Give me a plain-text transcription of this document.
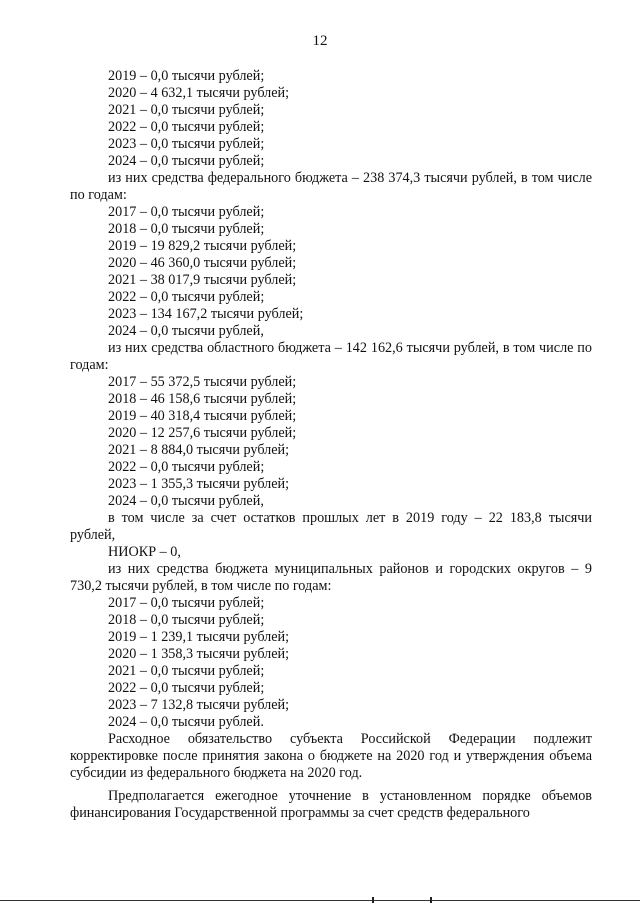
12

2019 – 0,0 тысячи рублей;

2020 – 4 632,1 тысячи рублей;

2021 – 0,0 тысячи рублей;

2022 – 0,0 тысячи рублей;

2023 – 0,0 тысячи рублей;

2024 – 0,0 тысячи рублей;

из них средства федерального бюджета – 238 374,3 тысячи рублей, в том числе по годам:

2017 – 0,0 тысячи рублей;

2018 – 0,0 тысячи рублей;

2019 – 19 829,2 тысячи рублей;

2020 – 46 360,0 тысячи рублей;

2021 – 38 017,9 тысячи рублей;

2022 – 0,0 тысячи рублей;

2023 – 134 167,2 тысячи рублей;

2024 – 0,0 тысячи рублей,

из них средства областного бюджета – 142 162,6 тысячи рублей, в том числе по годам:

2017 – 55 372,5 тысячи рублей;

2018 – 46 158,6 тысячи рублей;

2019 – 40 318,4 тысячи рублей;

2020 – 12 257,6 тысячи рублей;

2021 – 8 884,0 тысячи рублей;

2022 – 0,0 тысячи рублей;

2023 – 1 355,3 тысячи рублей;

2024 – 0,0 тысячи рублей,

в том числе за счет остатков прошлых лет в 2019 году – 22 183,8 тысячи рублей,

НИОКР – 0,

из них средства бюджета муниципальных районов и городских округов – 9 730,2 тысячи рублей, в том числе по годам:

2017 – 0,0 тысячи рублей;

2018 – 0,0 тысячи рублей;

2019 – 1 239,1 тысячи рублей;

2020 – 1 358,3 тысячи рублей;

2021 – 0,0 тысячи рублей;

2022 – 0,0 тысячи рублей;

2023 – 7 132,8 тысячи рублей;

2024 – 0,0 тысячи рублей.

Расходное обязательство субъекта Российской Федерации подлежит корректировке после принятия закона о бюджете на 2020 год и утверждения объема субсидии из федерального бюджета на 2020 год.

Предполагается ежегодное уточнение в установленном порядке объемов финансирования Государственной программы за счет средств федерального
